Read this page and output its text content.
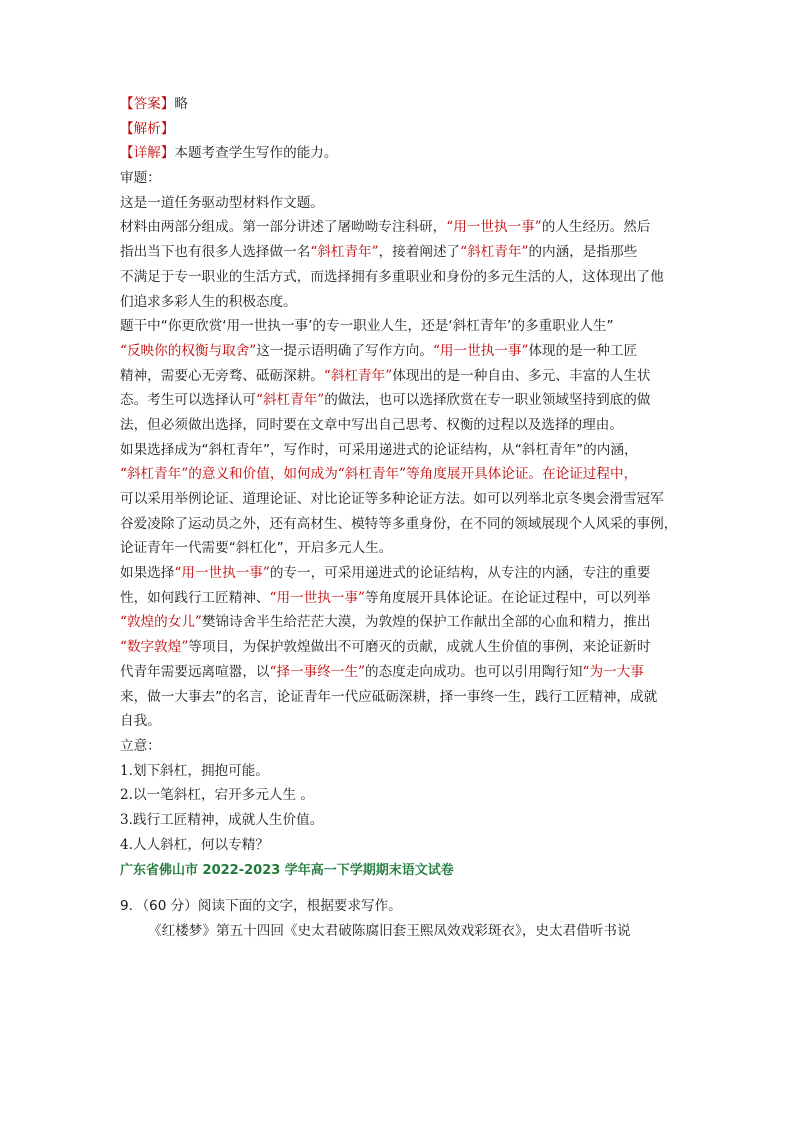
【答案】略

【解析】

【详解】本题考查学生写作的能力。

审题：

这是一道任务驱动型材料作文题。

材料由两部分组成。第一部分讲述了屠呦呦专注科研，“用一世执一事”的人生经历。然后

指出当下也有很多人选择做一名“斜杠青年”，接着阐述了“斜杠青年”的内涵，是指那些

不满足于专一职业的生活方式，而选择拥有多重职业和身份的多元生活的人，这体现出了他

们追求多彩人生的积极态度。

题干中“你更欣赏‘用一世执一事’的专一职业人生，还是‘斜杠青年’的多重职业人生”

“反映你的权衡与取舍”这一提示语明确了写作方向。“用一世执一事”体现的是一种工匠

精神，需要心无旁骛、砥砺深耕。“斜杠青年”体现出的是一种自由、多元、丰富的人生状

态。考生可以选择认可“斜杠青年”的做法，也可以选择欣赏在专一职业领域坚持到底的做

法，但必须做出选择，同时要在文章中写出自己思考、权衡的过程以及选择的理由。

如果选择成为“斜杠青年”，写作时，可采用递进式的论证结构，从“斜杠青年”的内涵，

“斜杠青年”的意义和价值，如何成为“斜杠青年”等角度展开具体论证。在论证过程中，

可以采用举例论证、道理论证、对比论证等多种论证方法。如可以列举北京冬奥会滑雪冠军

谷爱凌除了运动员之外，还有高材生、模特等多重身份，在不同的领域展现个人风采的事例，

论证青年一代需要“斜杠化”，开启多元人生。

如果选择“用一世执一事”的专一，可采用递进式的论证结构，从专注的内涵，专注的重要

性，如何践行工匠精神、“用一世执一事”等角度展开具体论证。在论证过程中，可以列举

“敦煌的女儿”樊锦诗舍半生给茫茫大漠，为敦煌的保护工作献出全部的心血和精力，推出

“数字敦煌”等项目，为保护敦煌做出不可磨灭的贡献，成就人生价值的事例，来论证新时

代青年需要远离喧嚣，以“择一事终一生”的态度走向成功。也可以引用陶行知“为一大事

来，做一大事去”的名言，论证青年一代应砥砺深耕，择一事终一生，践行工匠精神，成就

自我。

立意：

1.划下斜杠，拥抱可能。

2.以一笔斜杠，宕开多元人生 。

3.践行工匠精神，成就人生价值。

4.人人斜杠，何以专精？

广东省佛山市 2022-2023 学年高一下学期期末语文试卷

9．（60 分）阅读下面的文字，根据要求写作。

《红楼梦》第五十四回《史太君破陈腐旧套王熙凤效戏彩斑衣》，史太君借听书说
